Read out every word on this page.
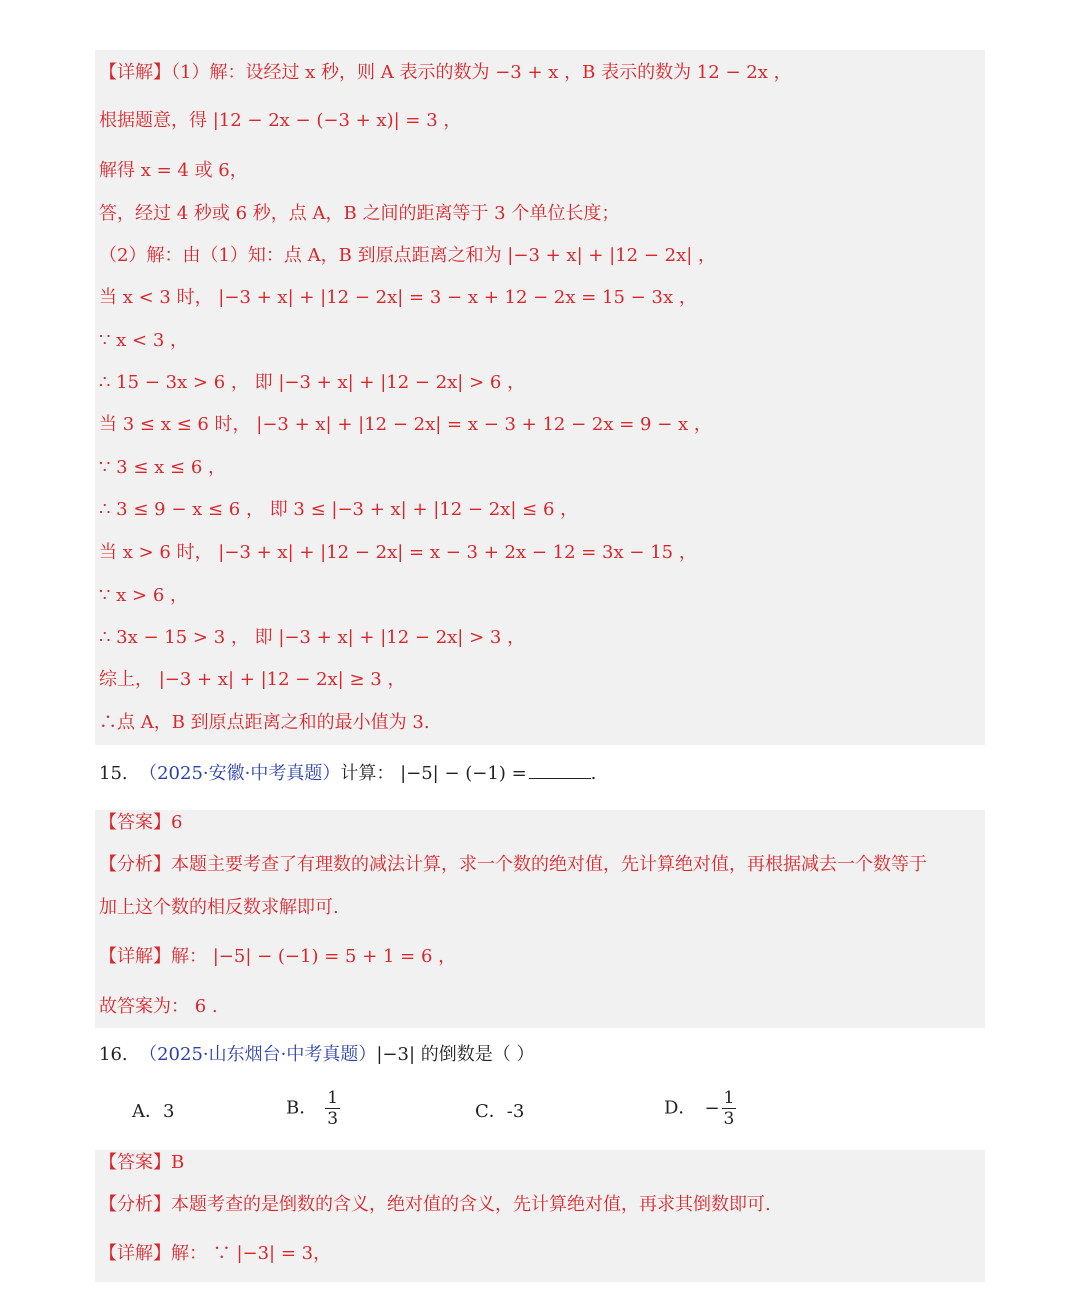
【详解】（1）解：设经过 x 秒，则 A 表示的数为 −3 + x ，B 表示的数为 12 − 2x ，
根据题意，得 |12 − 2x − (−3 + x)| = 3 ，
解得 x = 4 或 6，
答，经过 4 秒或 6 秒，点 A，B 之间的距离等于 3 个单位长度；
（2）解：由（1）知：点 A，B 到原点距离之和为 |−3 + x| + |12 − 2x| ，
当 x < 3 时， |−3 + x| + |12 − 2x| = 3 − x + 12 − 2x = 15 − 3x ，
∵ x < 3 ，
∴ 15 − 3x > 6 ， 即 |−3 + x| + |12 − 2x| > 6 ，
当 3 ≤ x ≤ 6 时， |−3 + x| + |12 − 2x| = x − 3 + 12 − 2x = 9 − x ，
∵ 3 ≤ x ≤ 6 ，
∴ 3 ≤ 9 − x ≤ 6 ， 即 3 ≤ |−3 + x| + |12 − 2x| ≤ 6 ，
当 x > 6 时， |−3 + x| + |12 − 2x| = x − 3 + 2x − 12 = 3x − 15 ，
∵ x > 6 ，
∴ 3x − 15 > 3 ， 即 |−3 + x| + |12 − 2x| > 3 ，
综上， |−3 + x| + |12 − 2x| ≥ 3 ，
∴点 A，B 到原点距离之和的最小值为 3.
15. （2025·安徽·中考真题）计算： |−5| − (−1) =	.
【答案】6
【分析】本题主要考查了有理数的减法计算，求一个数的绝对值，先计算绝对值，再根据减去一个数等于
加上这个数的相反数求解即可.
【详解】解： |−5| − (−1) = 5 + 1 = 6 ，
故答案为： 6 .
16. （2025·山东烟台·中考真题）|−3| 的倒数是（ ）
A．3	B． $\frac{1}{3}$	C．-3	D． − $\frac{1}{3}$
【答案】B
【分析】本题考查的是倒数的含义，绝对值的含义，先计算绝对值，再求其倒数即可.
【详解】解： ∵ |−3| = 3，
